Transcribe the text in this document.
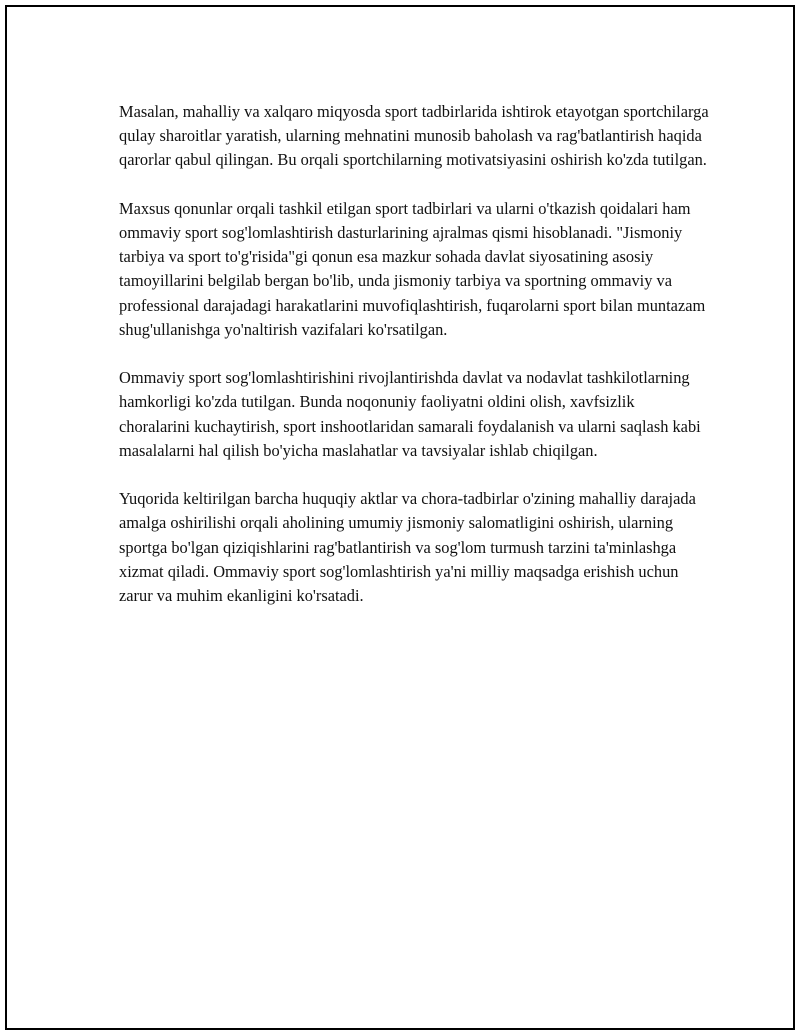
Masalan, mahalliy va xalqaro miqyosda sport tadbirlarida ishtirok etayotgan sportchilarga qulay sharoitlar yaratish, ularning mehnatini munosib baholash va rag'batlantirish haqida qarorlar qabul qilingan. Bu orqali sportchilarning motivatsiyasini oshirish ko'zda tutilgan.

Maxsus qonunlar orqali tashkil etilgan sport tadbirlari va ularni o'tkazish qoidalari ham ommaviy sport sog'lomlashtirish dasturlarining ajralmas qismi hisoblanadi. "Jismoniy tarbiya va sport to'g'risida"gi qonun esa mazkur sohada davlat siyosatining asosiy tamoyillarini belgilab bergan bo'lib, unda jismoniy tarbiya va sportning ommaviy va professional darajadagi harakatlarini muvofiqlashtirish, fuqarolarni sport bilan muntazam shug'ullanishga yo'naltirish vazifalari ko'rsatilgan.

Ommaviy sport sog'lomlashtirishini rivojlantirishda davlat va nodavlat tashkilotlarning hamkorligi ko'zda tutilgan. Bunda noqonuniy faoliyatni oldini olish, xavfsizlik choralarini kuchaytirish, sport inshootlaridan samarali foydalanish va ularni saqlash kabi masalalarni hal qilish bo'yicha maslahatlar va tavsiyalar ishlab chiqilgan.

Yuqorida keltirilgan barcha huquqiy aktlar va chora-tadbirlar o'zining mahalliy darajada amalga oshirilishi orqali aholining umumiy jismoniy salomatligini oshirish, ularning sportga bo'lgan qiziqishlarini rag'batlantirish va sog'lom turmush tarzini ta'minlashga xizmat qiladi. Ommaviy sport sog'lomlashtirish ya'ni milliy maqsadga erishish uchun zarur va muhim ekanligini ko'rsatadi.
